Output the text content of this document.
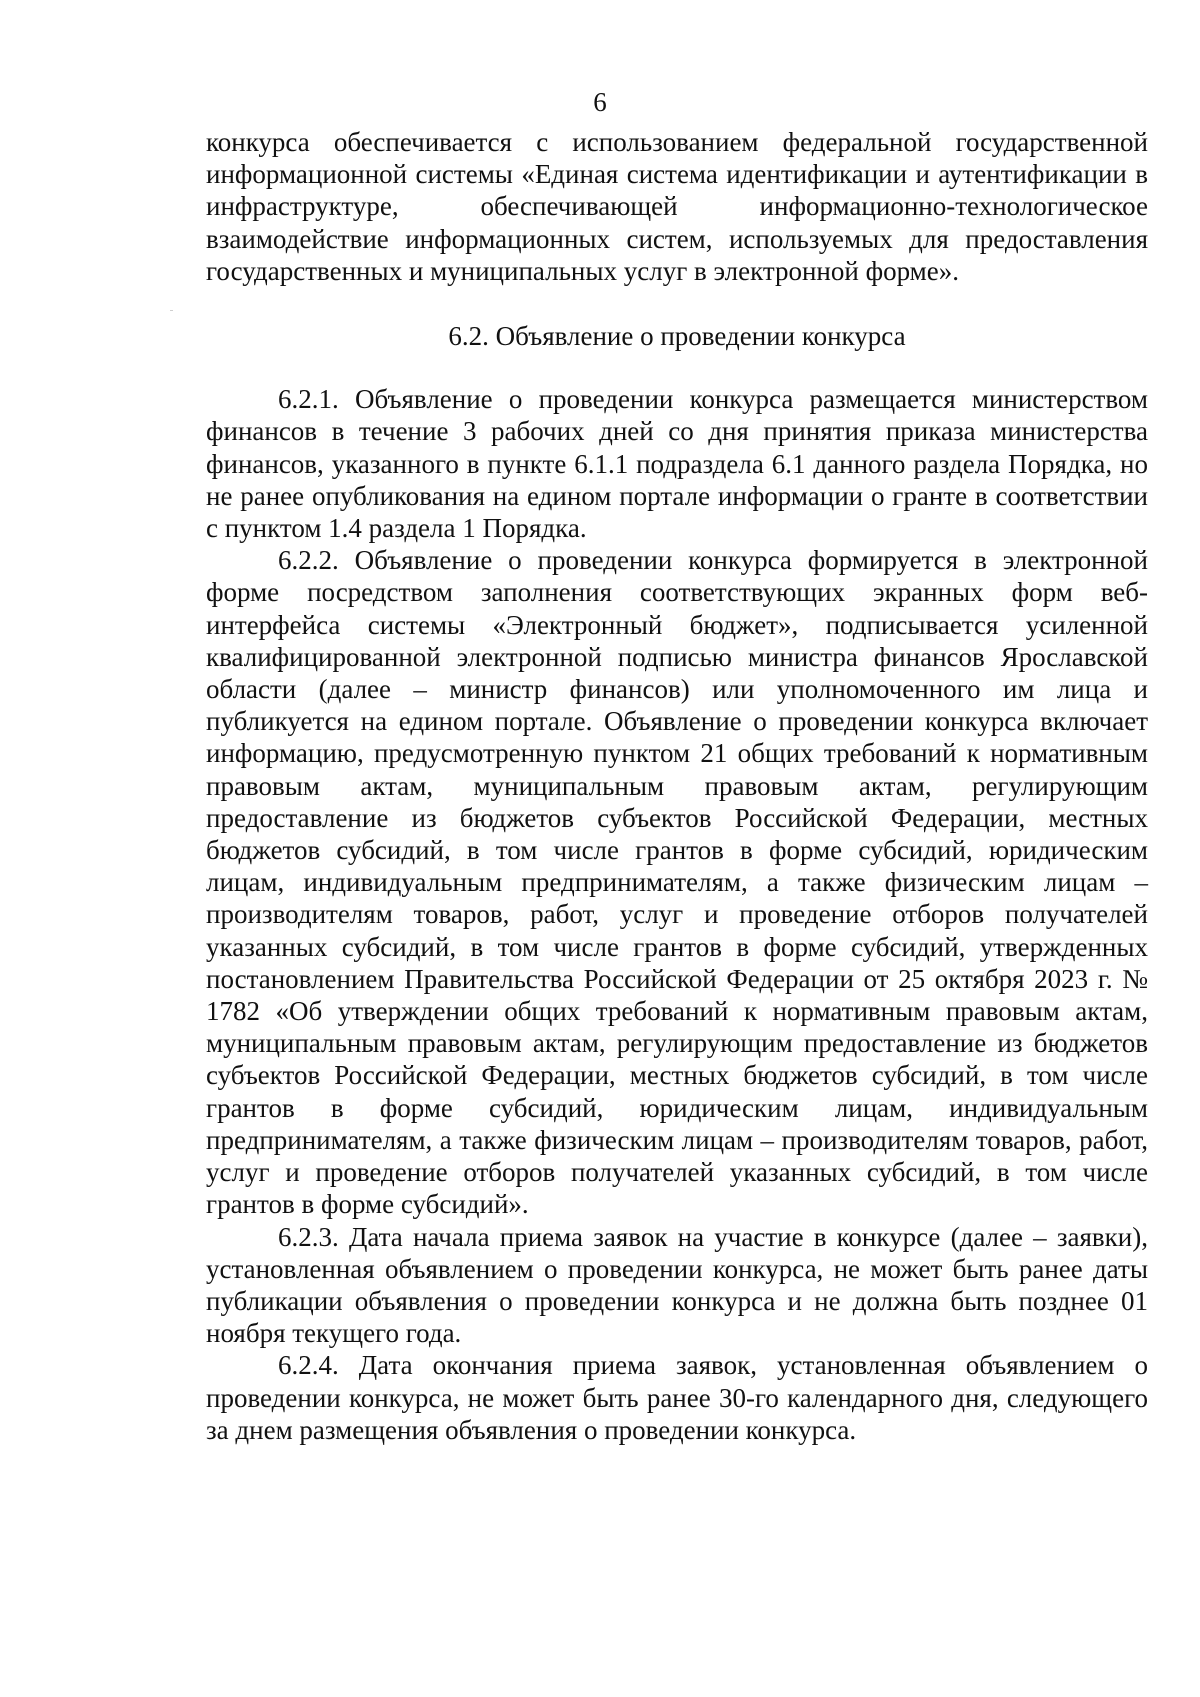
6

конкурса обеспечивается с использованием федеральной государственной информационной системы «Единая система идентификации и аутентификации в инфраструктуре, обеспечивающей информационно-технологическое взаимодействие информационных систем, используемых для предоставления государственных и муниципальных услуг в электронной форме».

6.2. Объявление о проведении конкурса

6.2.1. Объявление о проведении конкурса размещается министерством финансов в течение 3 рабочих дней со дня принятия приказа министерства финансов, указанного в пункте 6.1.1 подраздела 6.1 данного раздела Порядка, но не ранее опубликования на едином портале информации о гранте в соответствии с пунктом 1.4 раздела 1 Порядка.

6.2.2. Объявление о проведении конкурса формируется в электронной форме посредством заполнения соответствующих экранных форм веб-интерфейса системы «Электронный бюджет», подписывается усиленной квалифицированной электронной подписью министра финансов Ярославской области (далее – министр финансов) или уполномоченного им лица и публикуется на едином портале. Объявление о проведении конкурса включает информацию, предусмотренную пунктом 21 общих требований к нормативным правовым актам, муниципальным правовым актам, регулирующим предоставление из бюджетов субъектов Российской Федерации, местных бюджетов субсидий, в том числе грантов в форме субсидий, юридическим лицам, индивидуальным предпринимателям, а также физическим лицам – производителям товаров, работ, услуг и проведение отборов получателей указанных субсидий, в том числе грантов в форме субсидий, утвержденных постановлением Правительства Российской Федерации от 25 октября 2023 г. № 1782 «Об утверждении общих требований к нормативным правовым актам, муниципальным правовым актам, регулирующим предоставление из бюджетов субъектов Российской Федерации, местных бюджетов субсидий, в том числе грантов в форме субсидий, юридическим лицам, индивидуальным предпринимателям, а также физическим лицам – производителям товаров, работ, услуг и проведение отборов получателей указанных субсидий, в том числе грантов в форме субсидий».

6.2.3. Дата начала приема заявок на участие в конкурсе (далее – заявки), установленная объявлением о проведении конкурса, не может быть ранее даты публикации объявления о проведении конкурса и не должна быть позднее 01 ноября текущего года.

6.2.4. Дата окончания приема заявок, установленная объявлением о проведении конкурса, не может быть ранее 30-го календарного дня, следующего за днем размещения объявления о проведении конкурса.
